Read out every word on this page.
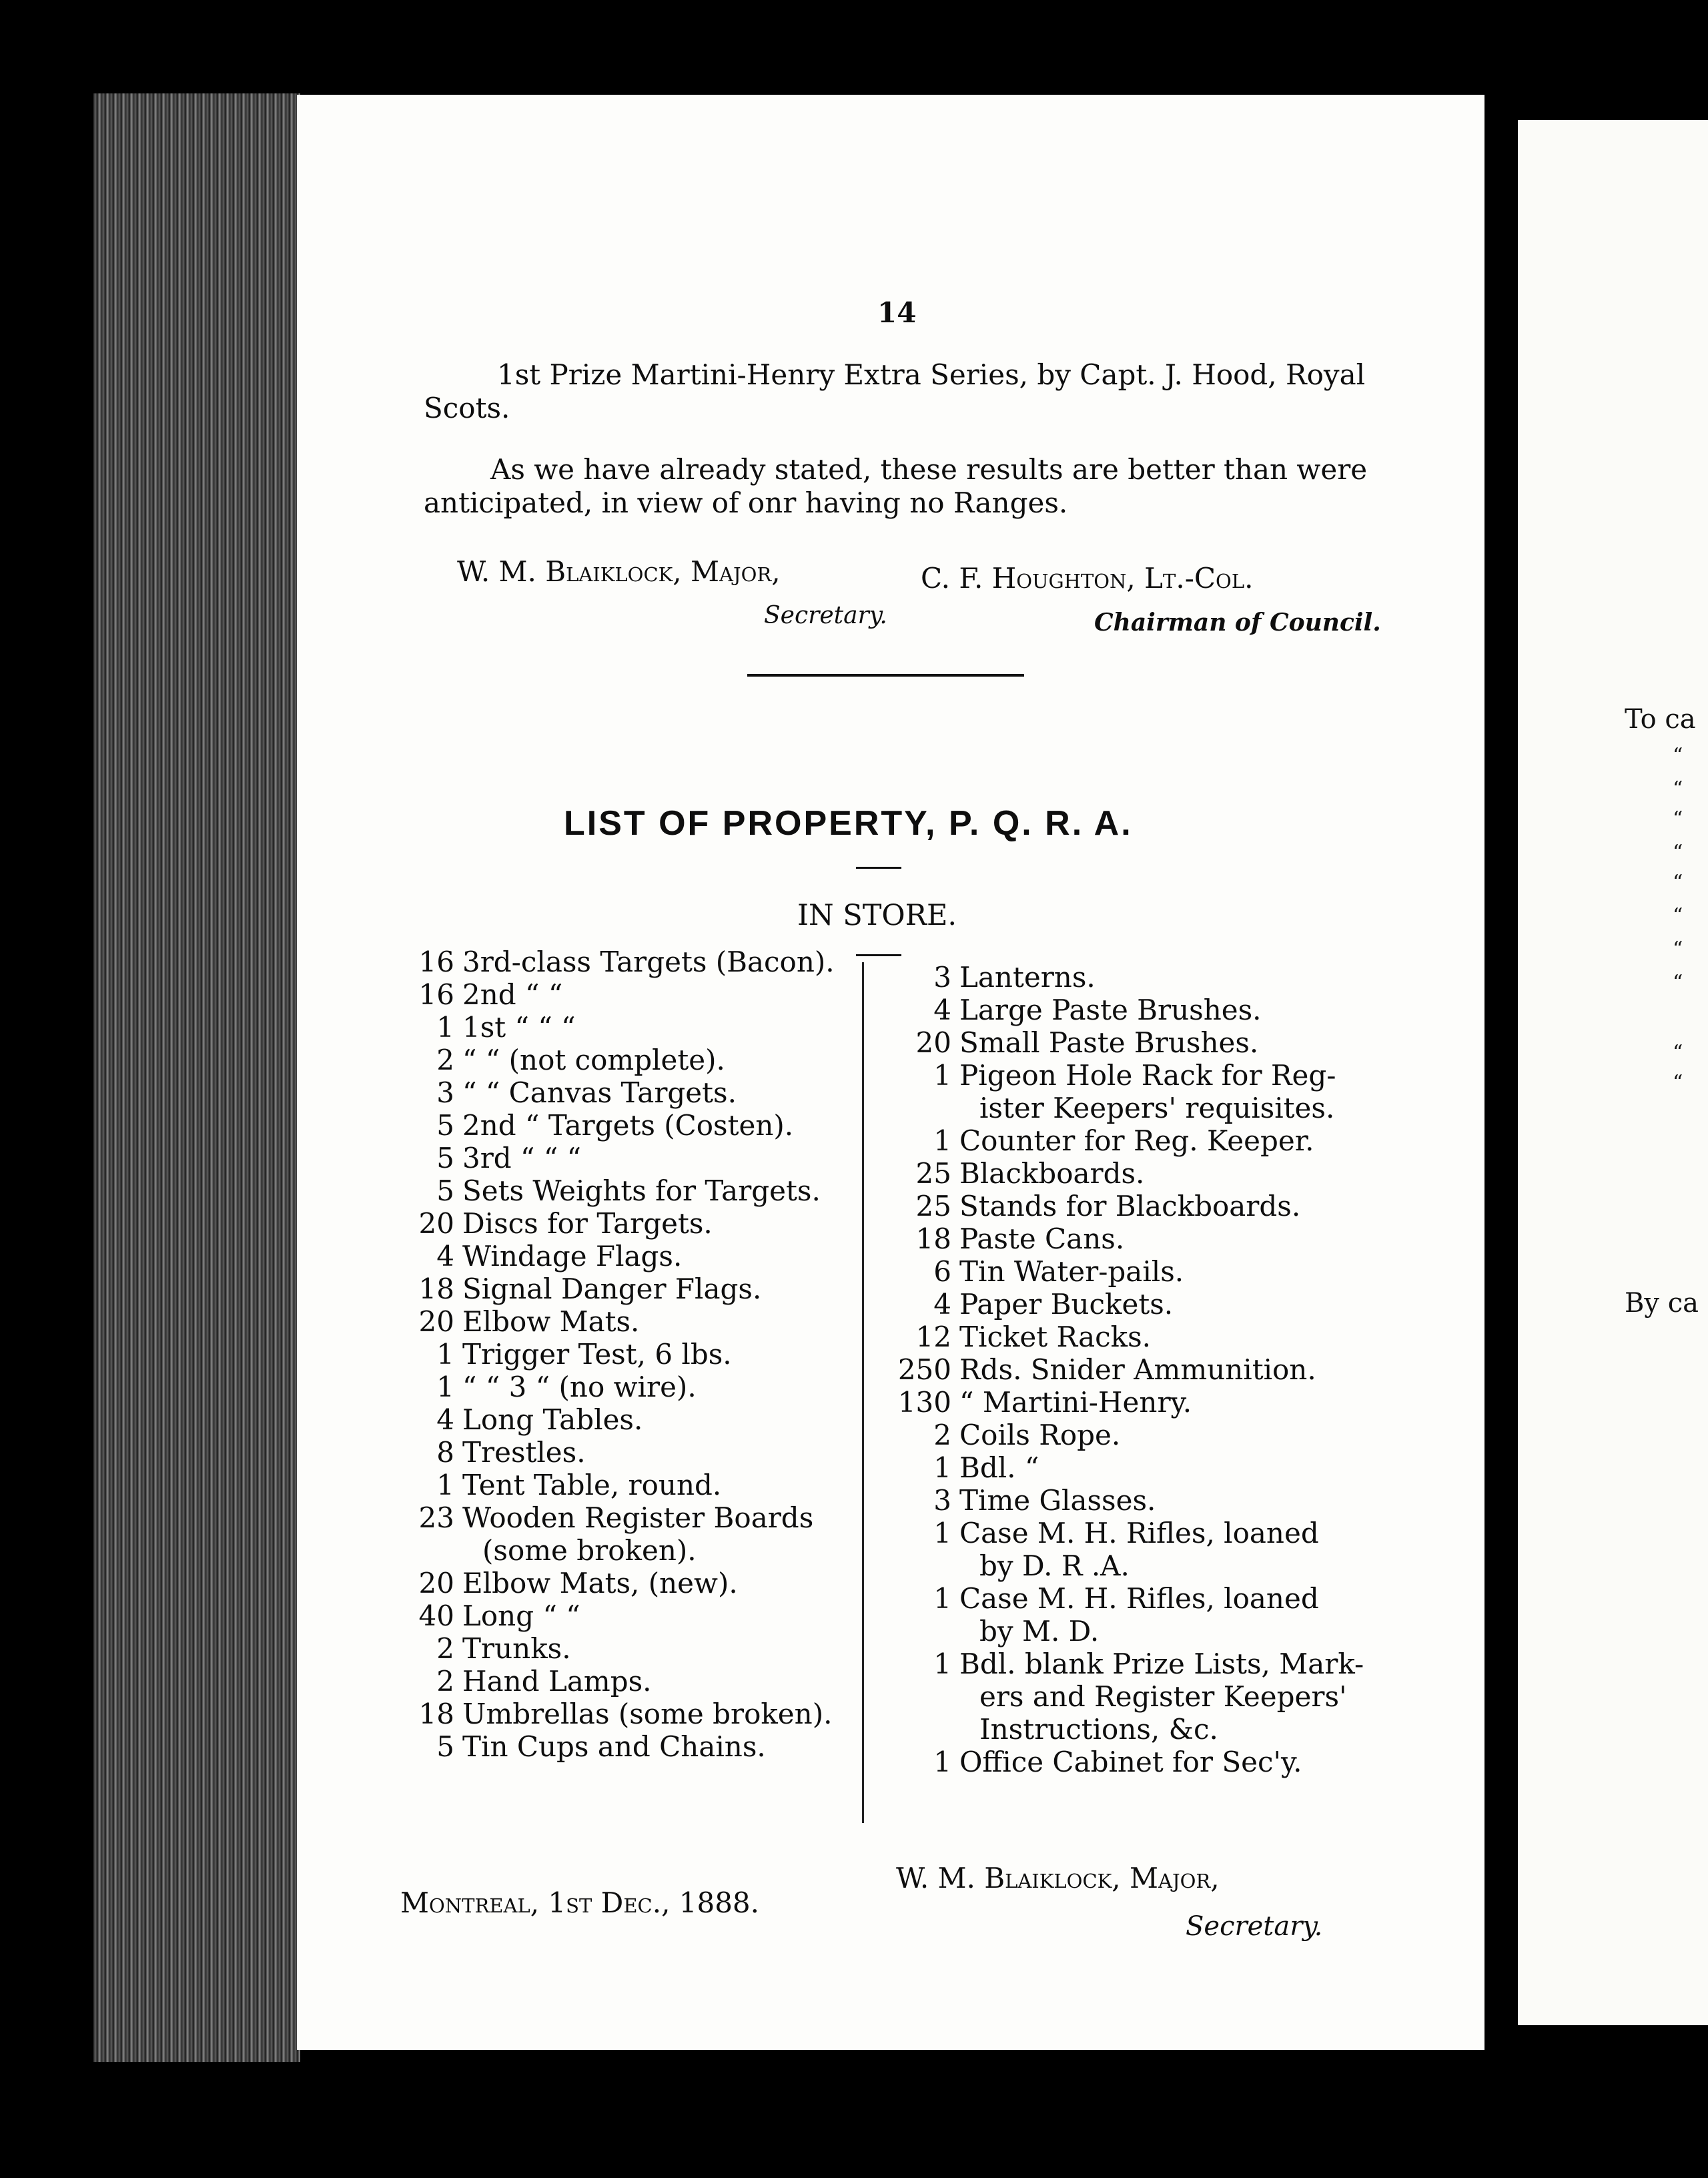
14
1st Prize Martini-Henry Extra Series, by Capt. J. Hood, Royal
Scots.
As we have already stated, these results are better than were
anticipated, in view of onr having no Ranges.
W. M. Blaiklock, Major,
Secretary.
C. F. Houghton, Lt.-Col.
Chairman of Council.
LIST OF PROPERTY, P. Q. R. A.
IN STORE.
16 3rd-class Targets (Bacon).
16 2nd “ “
1 1st “ “ “
2 “ “ (not complete).
3 “ “ Canvas Targets.
5 2nd “ Targets (Costen).
5 3rd “ “ “
5 Sets Weights for Targets.
20 Discs for Targets.
4 Windage Flags.
18 Signal Danger Flags.
20 Elbow Mats.
1 Trigger Test, 6 lbs.
1 “ “ 3 “ (no wire).
4 Long Tables.
8 Trestles.
1 Tent Table, round.
23 Wooden Register Boards
(some broken).
20 Elbow Mats, (new).
40 Long “ “
2 Trunks.
2 Hand Lamps.
18 Umbrellas (some broken).
5 Tin Cups and Chains.
3 Lanterns.
4 Large Paste Brushes.
20 Small Paste Brushes.
1 Pigeon Hole Rack for Reg-
ister Keepers' requisites.
1 Counter for Reg. Keeper.
25 Blackboards.
25 Stands for Blackboards.
18 Paste Cans.
6 Tin Water-pails.
4 Paper Buckets.
12 Ticket Racks.
250 Rds. Snider Ammunition.
130 “ Martini-Henry.
2 Coils Rope.
1 Bdl. “
3 Time Glasses.
1 Case M. H. Rifles, loaned
by D. R .A.
1 Case M. H. Rifles, loaned
by M. D.
1 Bdl. blank Prize Lists, Mark-
ers and Register Keepers'
Instructions, &c.
1 Office Cabinet for Sec'y.
Montreal, 1st Dec., 1888.
W. M. Blaiklock, Major,
Secretary.
To ca
“
“
“
“
“
“
“
“
“
“
By ca
